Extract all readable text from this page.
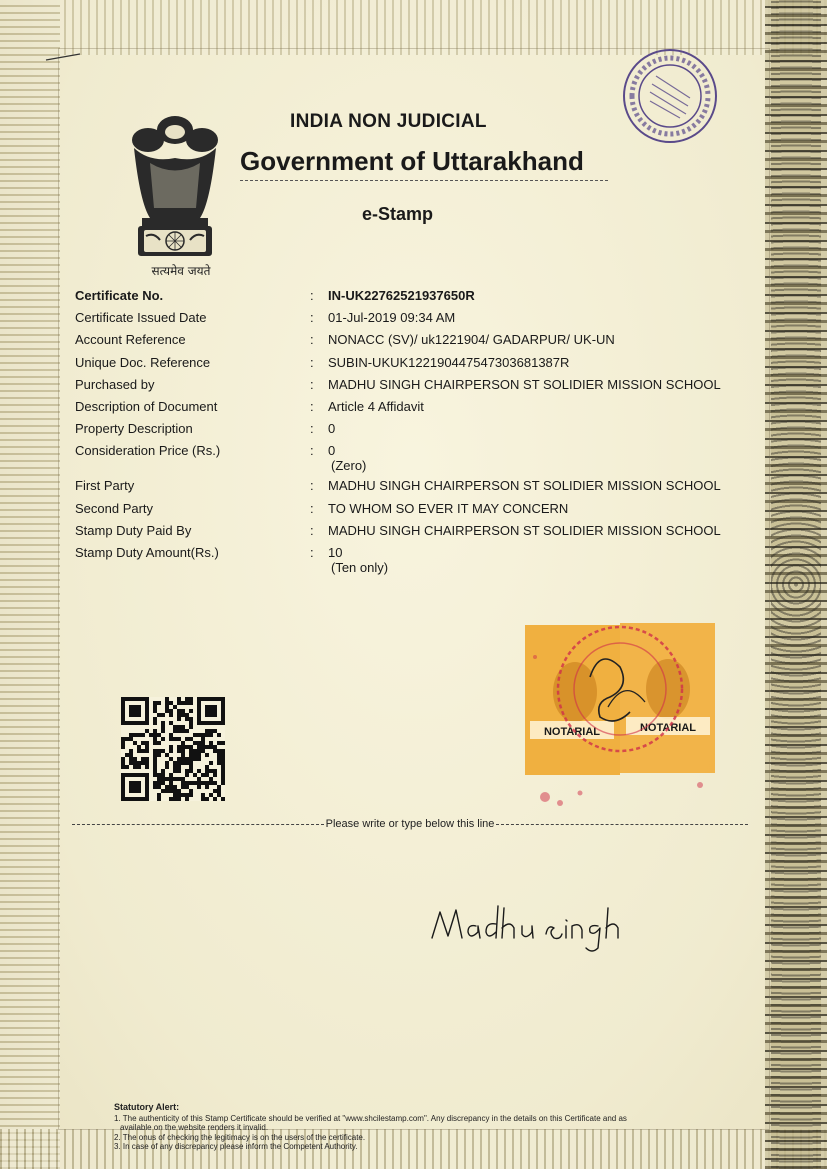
सत्यमेव जयते
INDIA NON JUDICIAL
Government of Uttarakhand
e-Stamp
Certificate No.	: IN-UK22762521937650R
Certificate Issued Date	: 01-Jul-2019 09:34 AM
Account Reference	: NONACC (SV)/ uk1221904/ GADARPUR/ UK-UN
Unique Doc. Reference	: SUBIN-UKUK122190447547303681387R
Purchased by	: MADHU SINGH CHAIRPERSON ST SOLIDIER MISSION SCHOOL
Description of Document	: Article 4 Affidavit
Property Description	: 0
Consideration Price (Rs.)	: 0
(Zero)
First Party	: MADHU SINGH CHAIRPERSON ST SOLIDIER MISSION SCHOOL
Second Party	: TO WHOM SO EVER IT MAY CONCERN
Stamp Duty Paid By	: MADHU SINGH CHAIRPERSON ST SOLIDIER MISSION SCHOOL
Stamp Duty Amount(Rs.)	: 10
(Ten only)
NOTARIAL	NOTARIAL
Please write or type below this line
Statutory Alert:
1. The authenticity of this Stamp Certificate should be verified at "www.shcilestamp.com". Any discrepancy in the details on this Certificate and as
available on the website renders it invalid.
2. The onus of checking the legitimacy is on the users of the certificate.
3. In case of any discrepancy please inform the Competent Authority.
